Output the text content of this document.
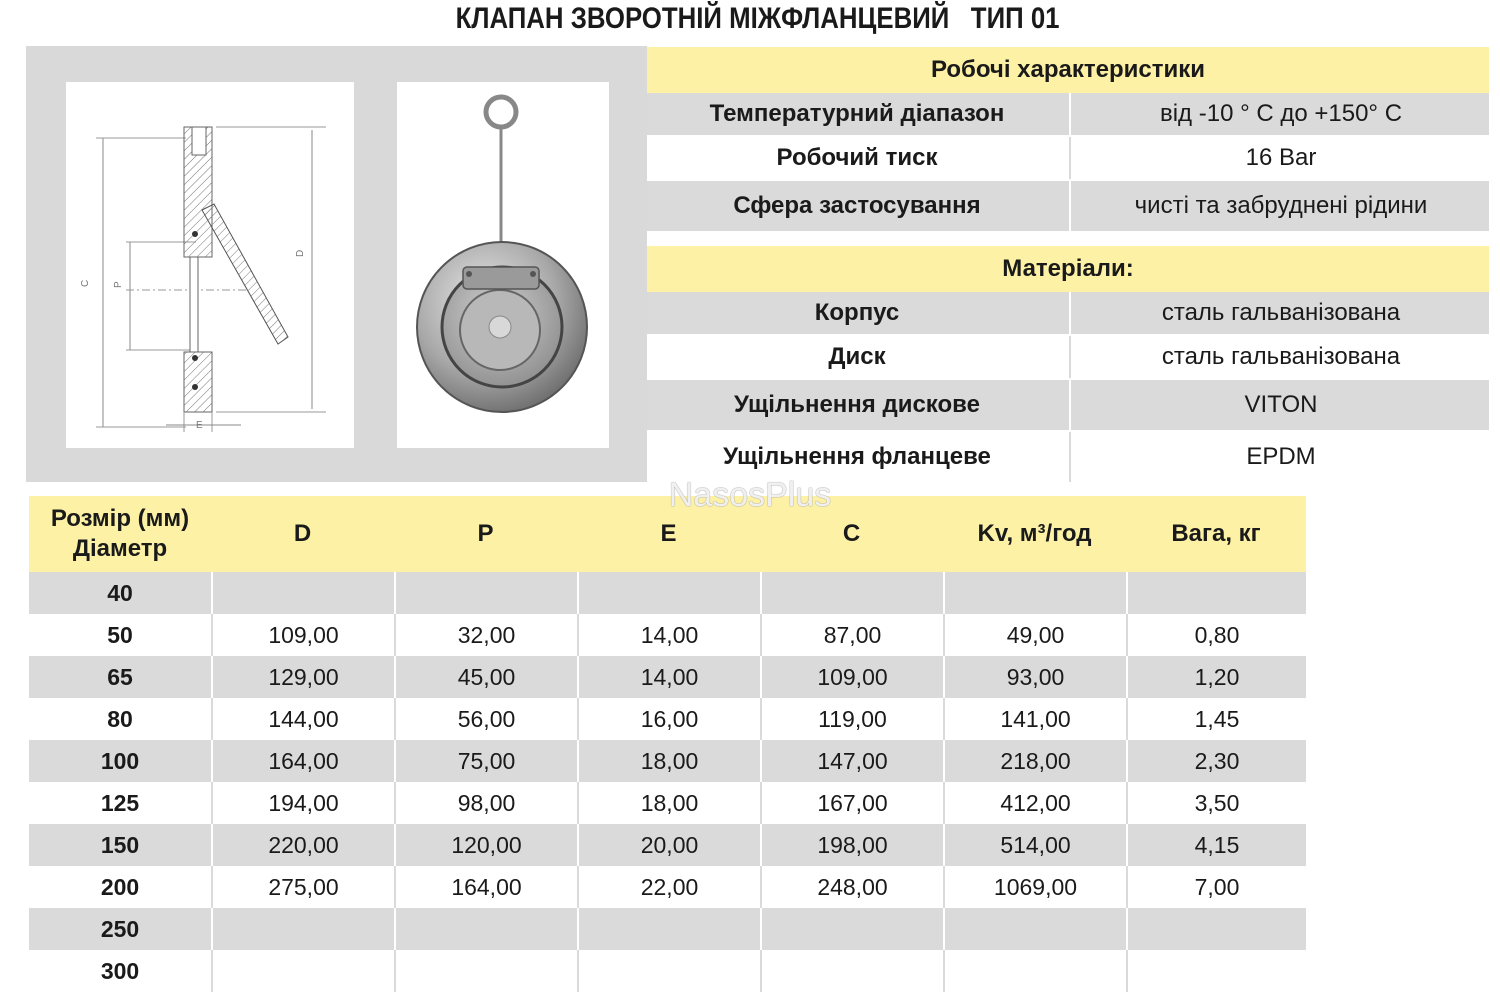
КЛАПАН ЗВОРОТНІЙ МІЖФЛАНЦЕВИЙ   ТИП 01
C P
D
E
Робочі характеристики
Температурний діапазон	від -10 ° С до +150° С
Робочий тиск	16 Bar
Сфера застосування	чисті та забруднені рідини
Матеріали:
Корпус	сталь гальванізована
Диск	сталь гальванізована
Ущільнення дискове	VITON
Ущільнення фланцеве	EPDM
Розмір (мм)
Діаметр	D	P	E	C	Kv, м³/год	Вага, кг
40						
50	109,00	32,00	14,00	87,00	49,00	0,80
65	129,00	45,00	14,00	109,00	93,00	1,20
80	144,00	56,00	16,00	119,00	141,00	1,45
100	164,00	75,00	18,00	147,00	218,00	2,30
125	194,00	98,00	18,00	167,00	412,00	3,50
150	220,00	120,00	20,00	198,00	514,00	4,15
200	275,00	164,00	22,00	248,00	1069,00	7,00
250						
300						
NasosPlus
